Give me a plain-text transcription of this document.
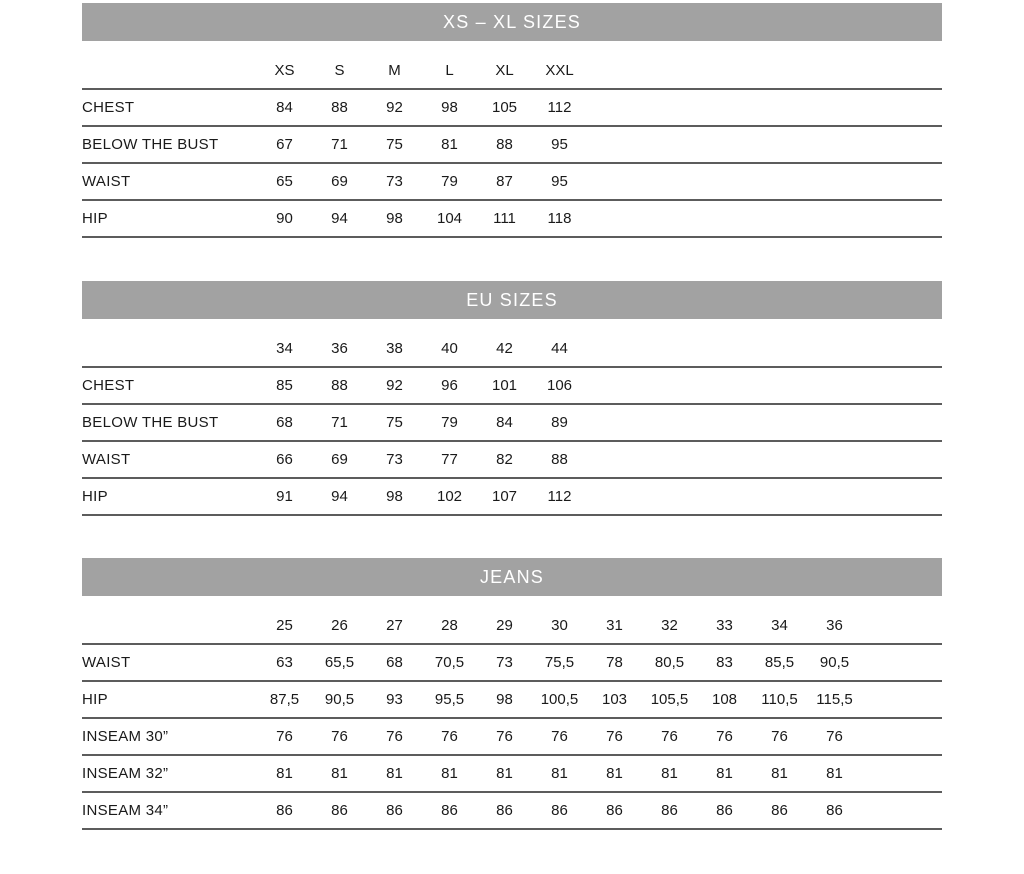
XS – XL SIZES
	XS	S	M	L	XL	XXL	
CHEST	84	88	92	98	105	112	
BELOW THE BUST	67	71	75	81	88	95	
WAIST	65	69	73	79	87	95	
HIP	90	94	98	104	111	118	
EU SIZES
	34	36	38	40	42	44	
CHEST	85	88	92	96	101	106	
BELOW THE BUST	68	71	75	79	84	89	
WAIST	66	69	73	77	82	88	
HIP	91	94	98	102	107	112	
JEANS
	25	26	27	28	29	30	31	32	33	34	36	
WAIST	63	65,5	68	70,5	73	75,5	78	80,5	83	85,5	90,5	
HIP	87,5	90,5	93	95,5	98	100,5	103	105,5	108	110,5	115,5	
INSEAM 30”	76	76	76	76	76	76	76	76	76	76	76	
INSEAM 32”	81	81	81	81	81	81	81	81	81	81	81	
INSEAM 34”	86	86	86	86	86	86	86	86	86	86	86	
